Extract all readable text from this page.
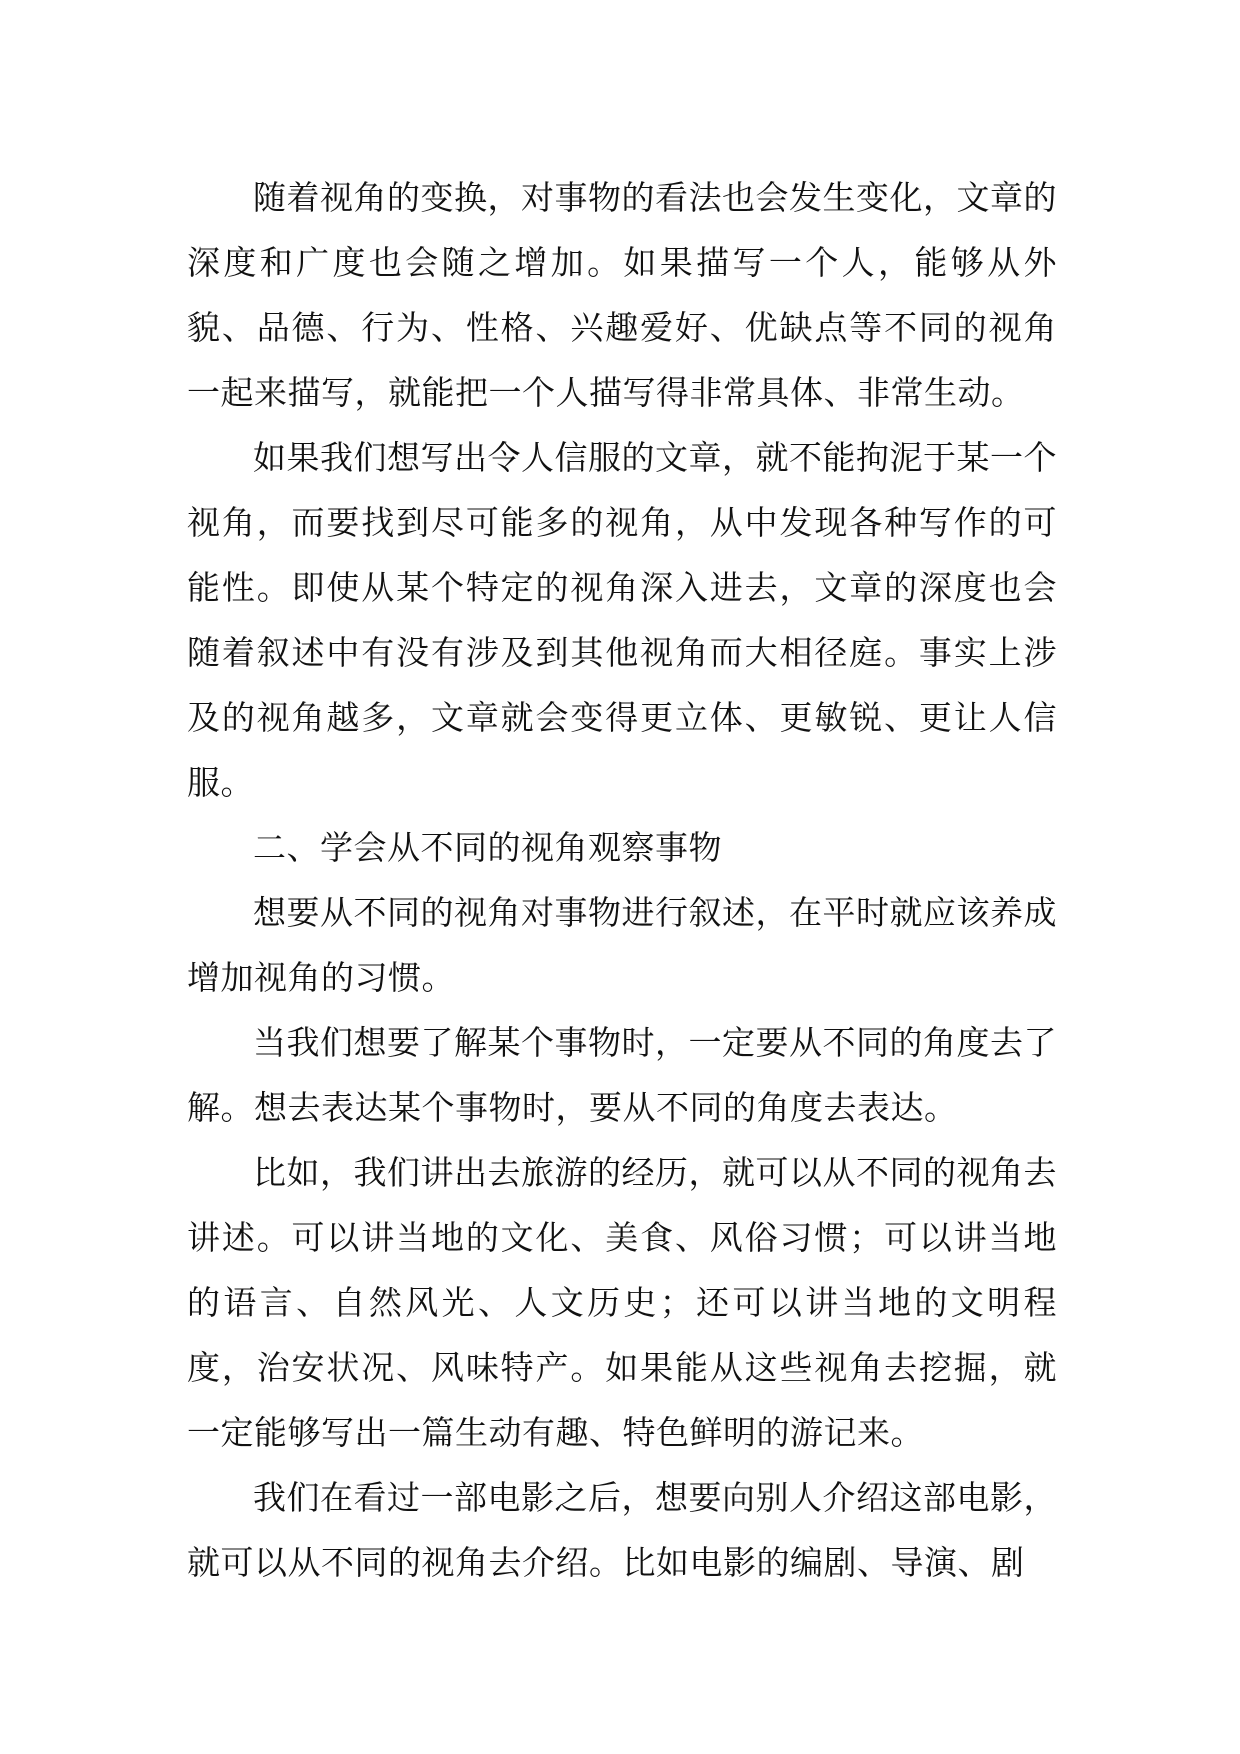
随着视角的变换，对事物的看法也会发生变化，文章的深度和广度也会随之增加。如果描写一个人，能够从外貌、品德、行为、性格、兴趣爱好、优缺点等不同的视角一起来描写，就能把一个人描写得非常具体、非常生动。

如果我们想写出令人信服的文章，就不能拘泥于某一个视角，而要找到尽可能多的视角，从中发现各种写作的可能性。即使从某个特定的视角深入进去，文章的深度也会随着叙述中有没有涉及到其他视角而大相径庭。事实上涉及的视角越多，文章就会变得更立体、更敏锐、更让人信服。

二、学会从不同的视角观察事物

想要从不同的视角对事物进行叙述，在平时就应该养成增加视角的习惯。

当我们想要了解某个事物时，一定要从不同的角度去了解。想去表达某个事物时，要从不同的角度去表达。

比如，我们讲出去旅游的经历，就可以从不同的视角去讲述。可以讲当地的文化、美食、风俗习惯；可以讲当地的语言、自然风光、人文历史；还可以讲当地的文明程度，治安状况、风味特产。如果能从这些视角去挖掘，就一定能够写出一篇生动有趣、特色鲜明的游记来。

我们在看过一部电影之后，想要向别人介绍这部电影，就可以从不同的视角去介绍。比如电影的编剧、导演、剧
